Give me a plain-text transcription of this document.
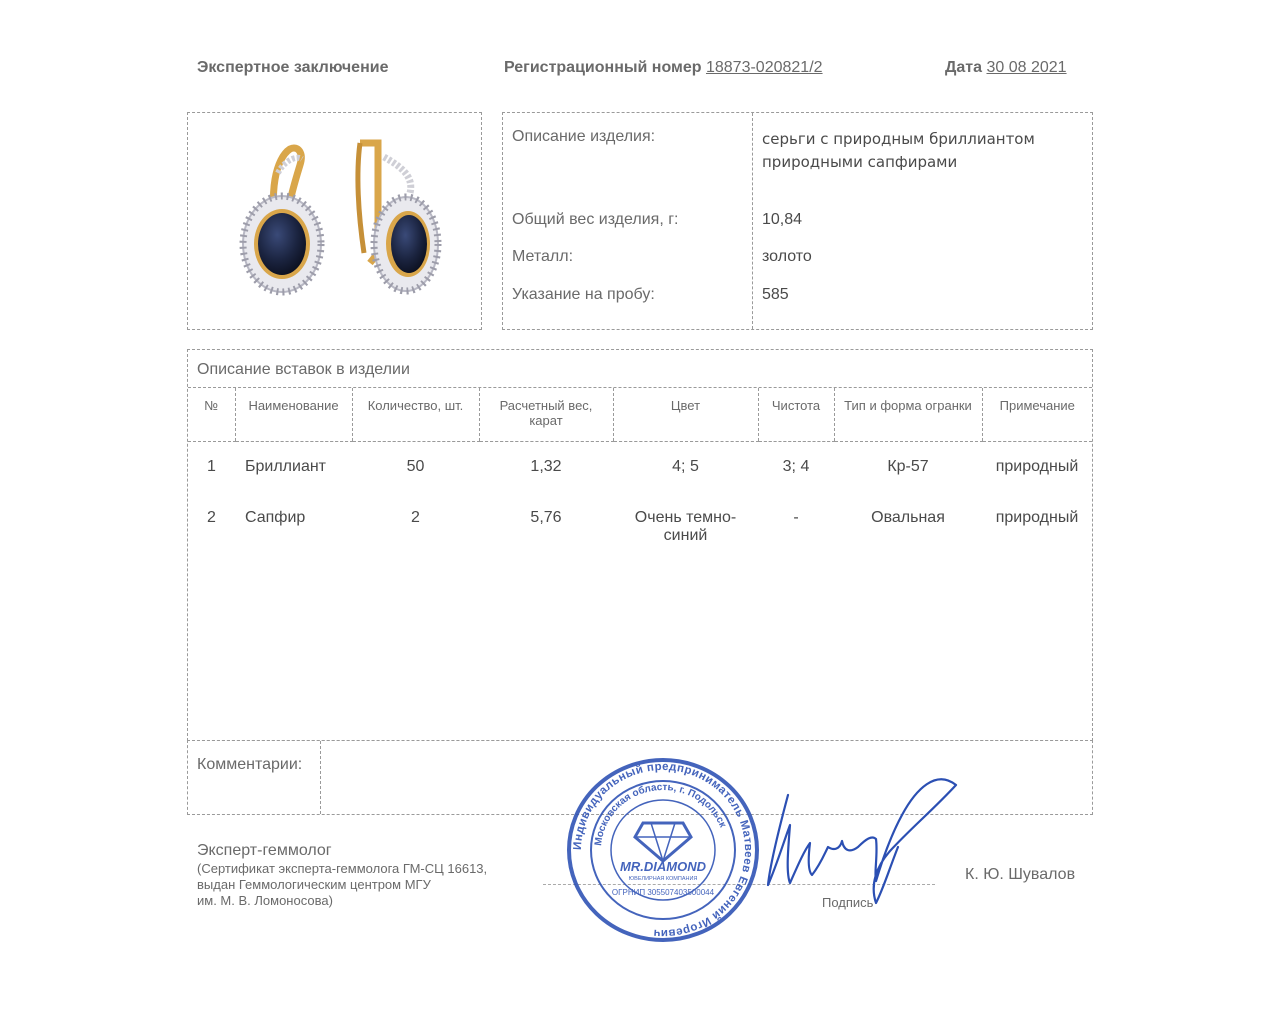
Экспертное заключение	Регистрационный номер 18873-020821/2	Дата 30 08 2021
Описание изделия:	серьги с природным бриллиантом природными сапфирами
Общий вес изделия, г:	10,84
Металл:	золото
Указание на пробу:	585
Описание вставок в изделии
№	Наименование	Количество, шт.	Расчетный вес, карат	Цвет	Чистота	Тип и форма огранки	Примечание
1	Бриллиант	50	1,32	4; 5	3; 4	Кр-57	природный
2	Сапфир	2	5,76	Очень темно-синий	-	Овальная	природный
Комментарии:
Эксперт-геммолог
(Сертификат эксперта-геммолога ГМ-СЦ 16613,
выдан Геммологическим центром МГУ
им. М. В. Ломоносова)	Подпись
К. Ю. Шувалов
Индивидуальный предприниматель Матвеев Евгений Игоревич
Московская область, г. Подольск
MR.DIAMOND
ЮВЕЛИРНАЯ КОМПАНИЯ
ОГРНИП 305507403500044
